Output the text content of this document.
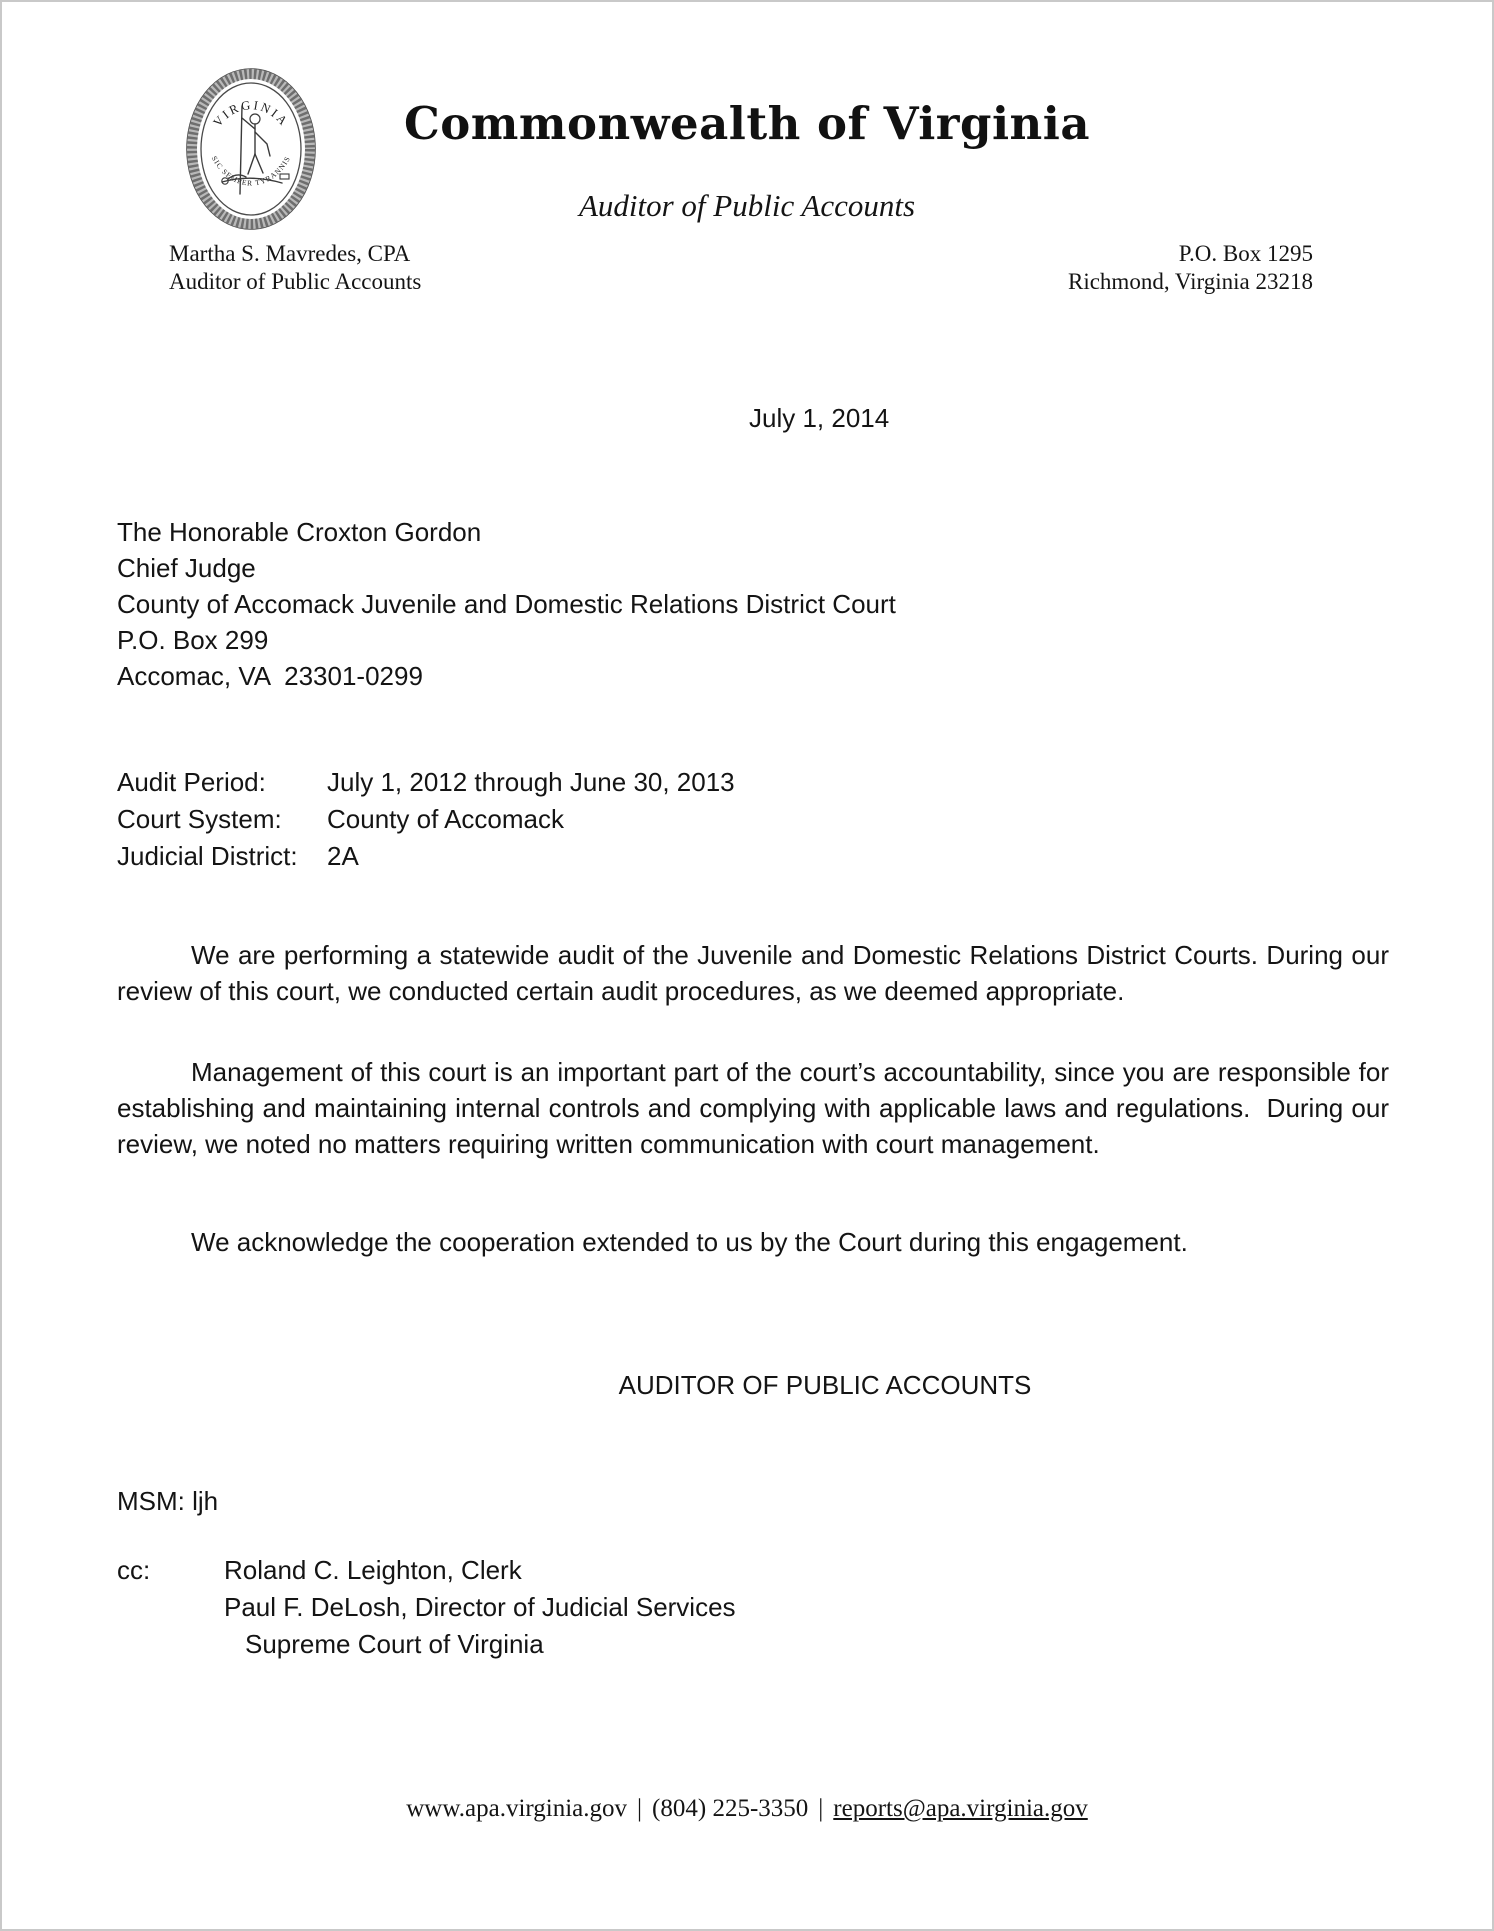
VIRGINIA
SIC SEMPER TYRANNIS
Commonwealth of Virginia
Auditor of Public Accounts
Martha S. Mavredes, CPA
Auditor of Public Accounts
P.O. Box 1295
Richmond, Virginia 23218
July 1, 2014
The Honorable Croxton Gordon
Chief Judge
County of Accomack Juvenile and Domestic Relations District Court
P.O. Box 299
Accomac, VA  23301-0299
Audit Period:	July 1, 2012 through June 30, 2013
Court System:	County of Accomack
Judicial District:	2A
We are performing a statewide audit of the Juvenile and Domestic Relations District Courts. During our review of this court, we conducted certain audit procedures, as we deemed appropriate.
Management of this court is an important part of the court’s accountability, since you are responsible for establishing and maintaining internal controls and complying with applicable laws and regulations.  During our review, we noted no matters requiring written communication with court management.
We acknowledge the cooperation extended to us by the Court during this engagement.
AUDITOR OF PUBLIC ACCOUNTS
MSM: ljh
cc:	Roland C. Leighton, Clerk
Paul F. DeLosh, Director of Judicial Services
Supreme Court of Virginia
www.apa.virginia.gov | (804) 225-3350 | reports@apa.virginia.gov
